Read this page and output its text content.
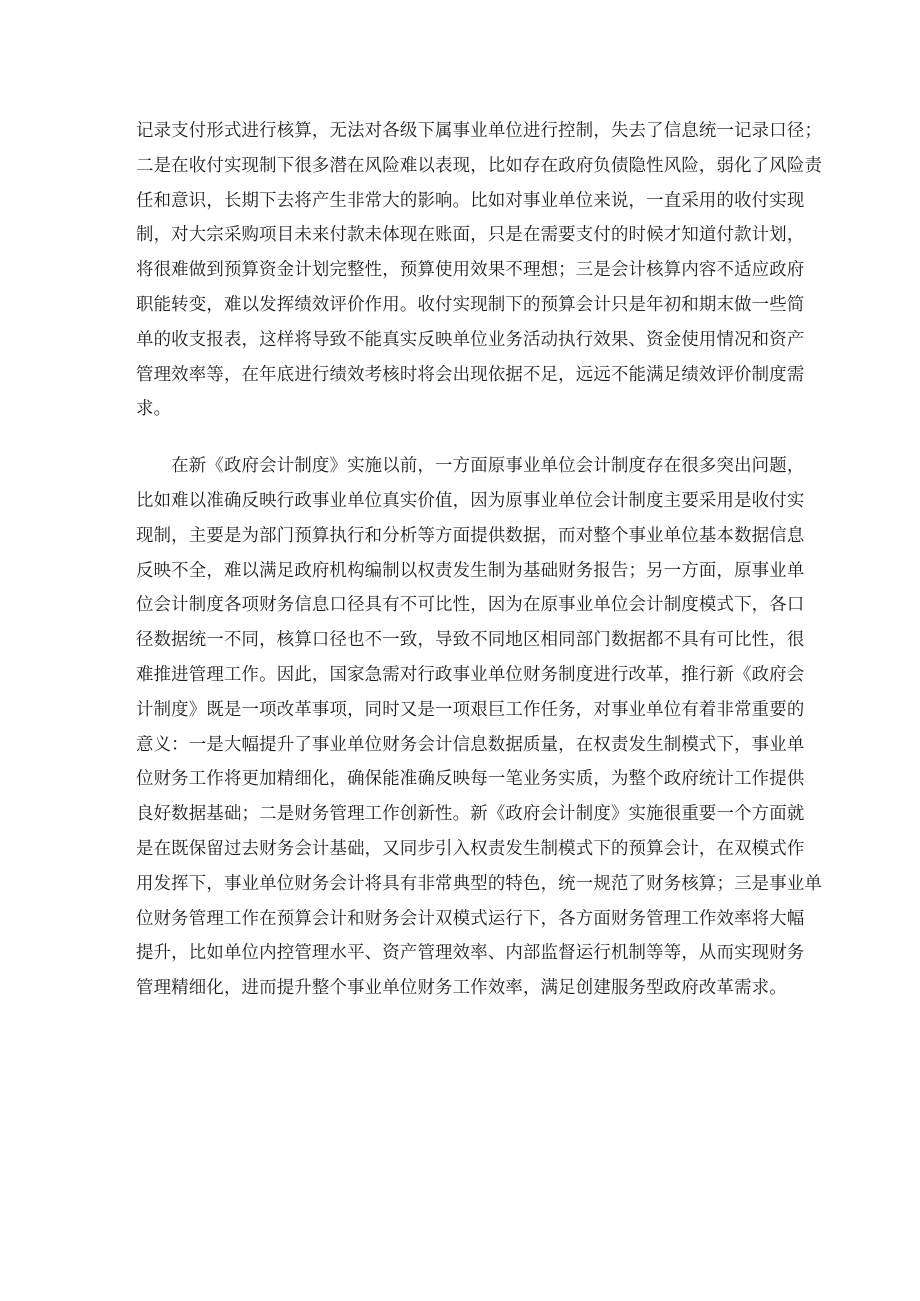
记录支付形式进行核算，无法对各级下属事业单位进行控制，失去了信息统一记录口径；
二是在收付实现制下很多潜在风险难以表现，比如存在政府负债隐性风险，弱化了风险责
任和意识，长期下去将产生非常大的影响。比如对事业单位来说，一直采用的收付实现
制，对大宗采购项目未来付款未体现在账面，只是在需要支付的时候才知道付款计划，
将很难做到预算资金计划完整性，预算使用效果不理想；三是会计核算内容不适应政府
职能转变，难以发挥绩效评价作用。收付实现制下的预算会计只是年初和期末做一些简
单的收支报表，这样将导致不能真实反映单位业务活动执行效果、资金使用情况和资产
管理效率等，在年底进行绩效考核时将会出现依据不足，远远不能满足绩效评价制度需
求。

　　在新《政府会计制度》实施以前，一方面原事业单位会计制度存在很多突出问题，
比如难以准确反映行政事业单位真实价值，因为原事业单位会计制度主要采用是收付实
现制，主要是为部门预算执行和分析等方面提供数据，而对整个事业单位基本数据信息
反映不全，难以满足政府机构编制以权责发生制为基础财务报告；另一方面，原事业单
位会计制度各项财务信息口径具有不可比性，因为在原事业单位会计制度模式下，各口
径数据统一不同，核算口径也不一致，导致不同地区相同部门数据都不具有可比性，很
难推进管理工作。因此，国家急需对行政事业单位财务制度进行改革，推行新《政府会
计制度》既是一项改革事项，同时又是一项艰巨工作任务，对事业单位有着非常重要的
意义：一是大幅提升了事业单位财务会计信息数据质量，在权责发生制模式下，事业单
位财务工作将更加精细化，确保能准确反映每一笔业务实质，为整个政府统计工作提供
良好数据基础；二是财务管理工作创新性。新《政府会计制度》实施很重要一个方面就
是在既保留过去财务会计基础，又同步引入权责发生制模式下的预算会计，在双模式作
用发挥下，事业单位财务会计将具有非常典型的特色，统一规范了财务核算；三是事业单
位财务管理工作在预算会计和财务会计双模式运行下，各方面财务管理工作效率将大幅
提升，比如单位内控管理水平、资产管理效率、内部监督运行机制等等，从而实现财务
管理精细化，进而提升整个事业单位财务工作效率，满足创建服务型政府改革需求。
